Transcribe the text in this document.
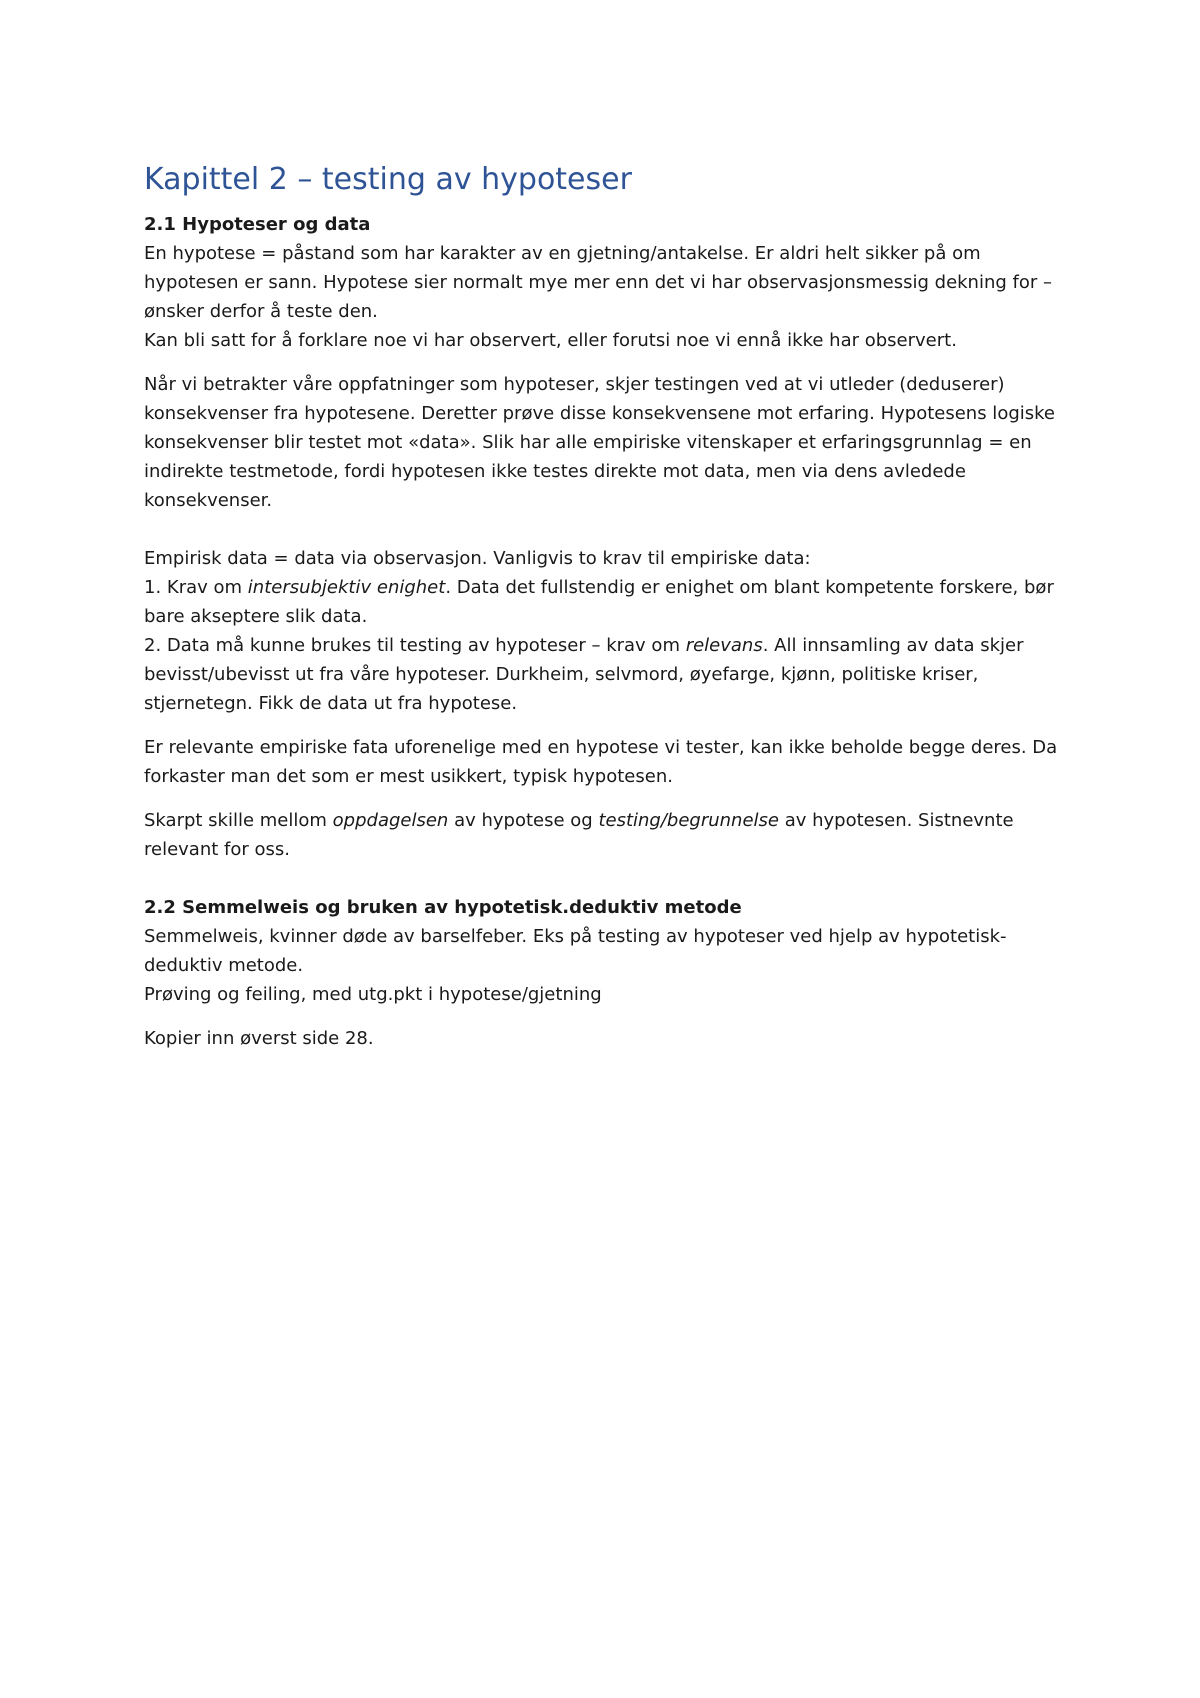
Kapittel 2 – testing av hypoteser
2.1 Hypoteser og data

En hypotese = påstand som har karakter av en gjetning/antakelse. Er aldri helt sikker på om hypotesen er sann. Hypotese sier normalt mye mer enn det vi har observasjonsmessig dekning for – ønsker derfor å teste den.

Kan bli satt for å forklare noe vi har observert, eller forutsi noe vi ennå ikke har observert.

Når vi betrakter våre oppfatninger som hypoteser, skjer testingen ved at vi utleder (deduserer) konsekvenser fra hypotesene. Deretter prøve disse konsekvensene mot erfaring. Hypotesens logiske konsekvenser blir testet mot «data». Slik har alle empiriske vitenskaper et erfaringsgrunnlag = en indirekte testmetode, fordi hypotesen ikke testes direkte mot data, men via dens avledede konsekvenser.

Empirisk data = data via observasjon. Vanligvis to krav til empiriske data:

1. Krav om intersubjektiv enighet. Data det fullstendig er enighet om blant kompetente forskere, bør bare akseptere slik data.

2. Data må kunne brukes til testing av hypoteser – krav om relevans. All innsamling av data skjer bevisst/ubevisst ut fra våre hypoteser. Durkheim, selvmord, øyefarge, kjønn, politiske kriser, stjernetegn. Fikk de data ut fra hypotese.

Er relevante empiriske fata uforenelige med en hypotese vi tester, kan ikke beholde begge deres. Da forkaster man det som er mest usikkert, typisk hypotesen.

Skarpt skille mellom oppdagelsen av hypotese og testing/begrunnelse av hypotesen. Sistnevnte relevant for oss.

2.2 Semmelweis og bruken av hypotetisk.deduktiv metode

Semmelweis, kvinner døde av barselfeber. Eks på testing av hypoteser ved hjelp av hypotetisk-deduktiv metode.

Prøving og feiling, med utg.pkt i hypotese/gjetning

Kopier inn øverst side 28.
